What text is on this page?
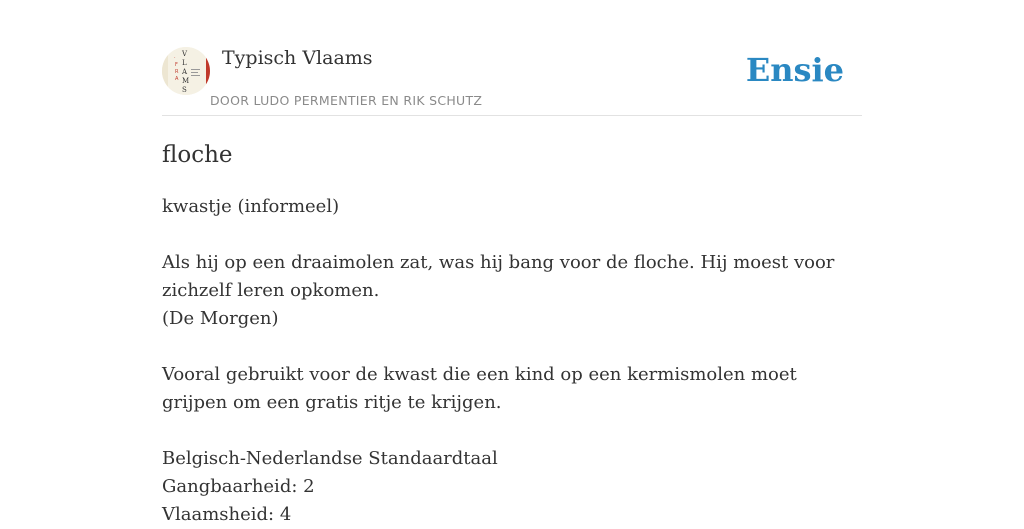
.
F
R
A
V
L
A
M
S
Typisch Vlaams
DOOR LUDO PERMENTIER EN RIK SCHUTZ
Ensie
floche

kwastje (informeel)

Als hij op een draaimolen zat, was hij bang voor de floche. Hij moest voor zichzelf leren opkomen.

(De Morgen)

Vooral gebruikt voor de kwast die een kind op een kermismolen moet grijpen om een gratis ritje te krijgen.

Belgisch-Nederlandse Standaardtaal

Gangbaarheid: 2

Vlaamsheid: 4
